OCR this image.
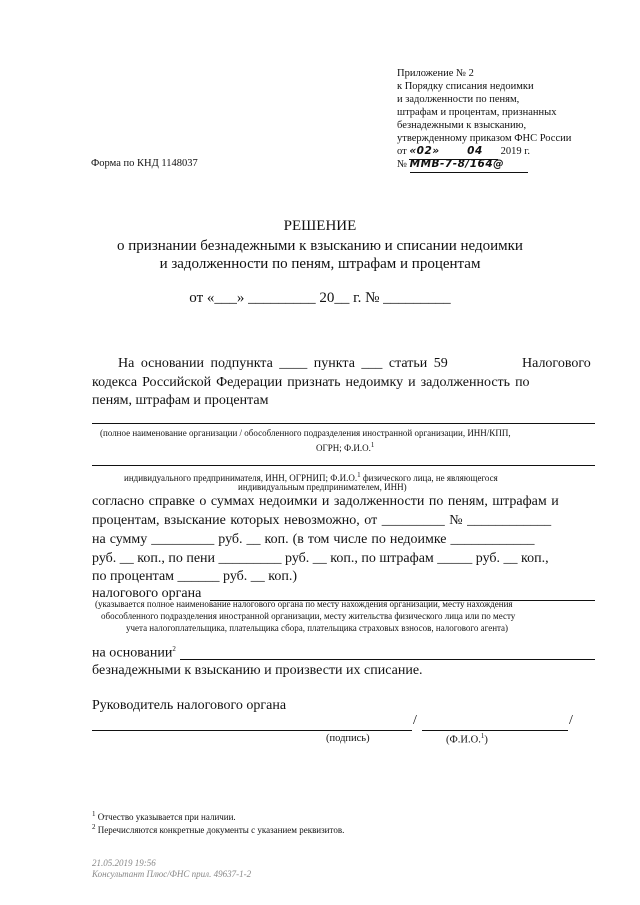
Приложение № 2
к Порядку списания недоимки
и задолженности по пеням,
штрафам и процентам, признанных
безнадежными к взысканию,
утвержденному приказом ФНС России
от «02»	04 2019 г.
№ ММВ-7-8/164@
Форма по КНД 1148037
РЕШЕНИЕ
о признании безнадежными к взысканию и списании недоимки
и задолженности по пеням, штрафам и процентам
от «___» _________ 20__ г. № _________
На основании подпункта ____ пункта ___ статьи 59	Налогового
кодекса Российской Федерации признать недоимку и задолженность по
пеням, штрафам и процентам
(полное наименование организации / обособленного подразделения иностранной организации, ИНН/КПП,
ОГРН; Ф.И.О.$^1$
индивидуального предпринимателя, ИНН, ОГРНИП; Ф.И.О.$^1$ физического лица, не являющегося
индивидуальным предпринимателем, ИНН)
согласно справке о суммах недоимки и задолженности по пеням, штрафам и
процентам, взыскание которых невозможно, от _________ № ____________
на сумму _________ руб. __ коп. (в том числе по недоимке ____________
руб. __ коп., по пени _________ руб. __ коп., по штрафам _____ руб. __ коп.,
по процентам ______ руб. __ коп.)
налогового органа
(указывается полное наименование налогового органа по месту нахождения организации, месту нахождения
обособленного подразделения иностранной организации, месту жительства физического лица или по месту
учета налогоплательщика, плательщика сбора, плательщика страховых взносов, налогового агента)
на основании$^2$
безнадежными к взысканию и произвести их списание.
Руководитель налогового органа
/	/
(подпись)	(Ф.И.О.$^1$)
$^1$ Отчество указывается при наличии.
$^2$ Перечисляются конкретные документы с указанием реквизитов.
21.05.2019 19:56
Консультант Плюс/ФНС прил. 49637-1-2
